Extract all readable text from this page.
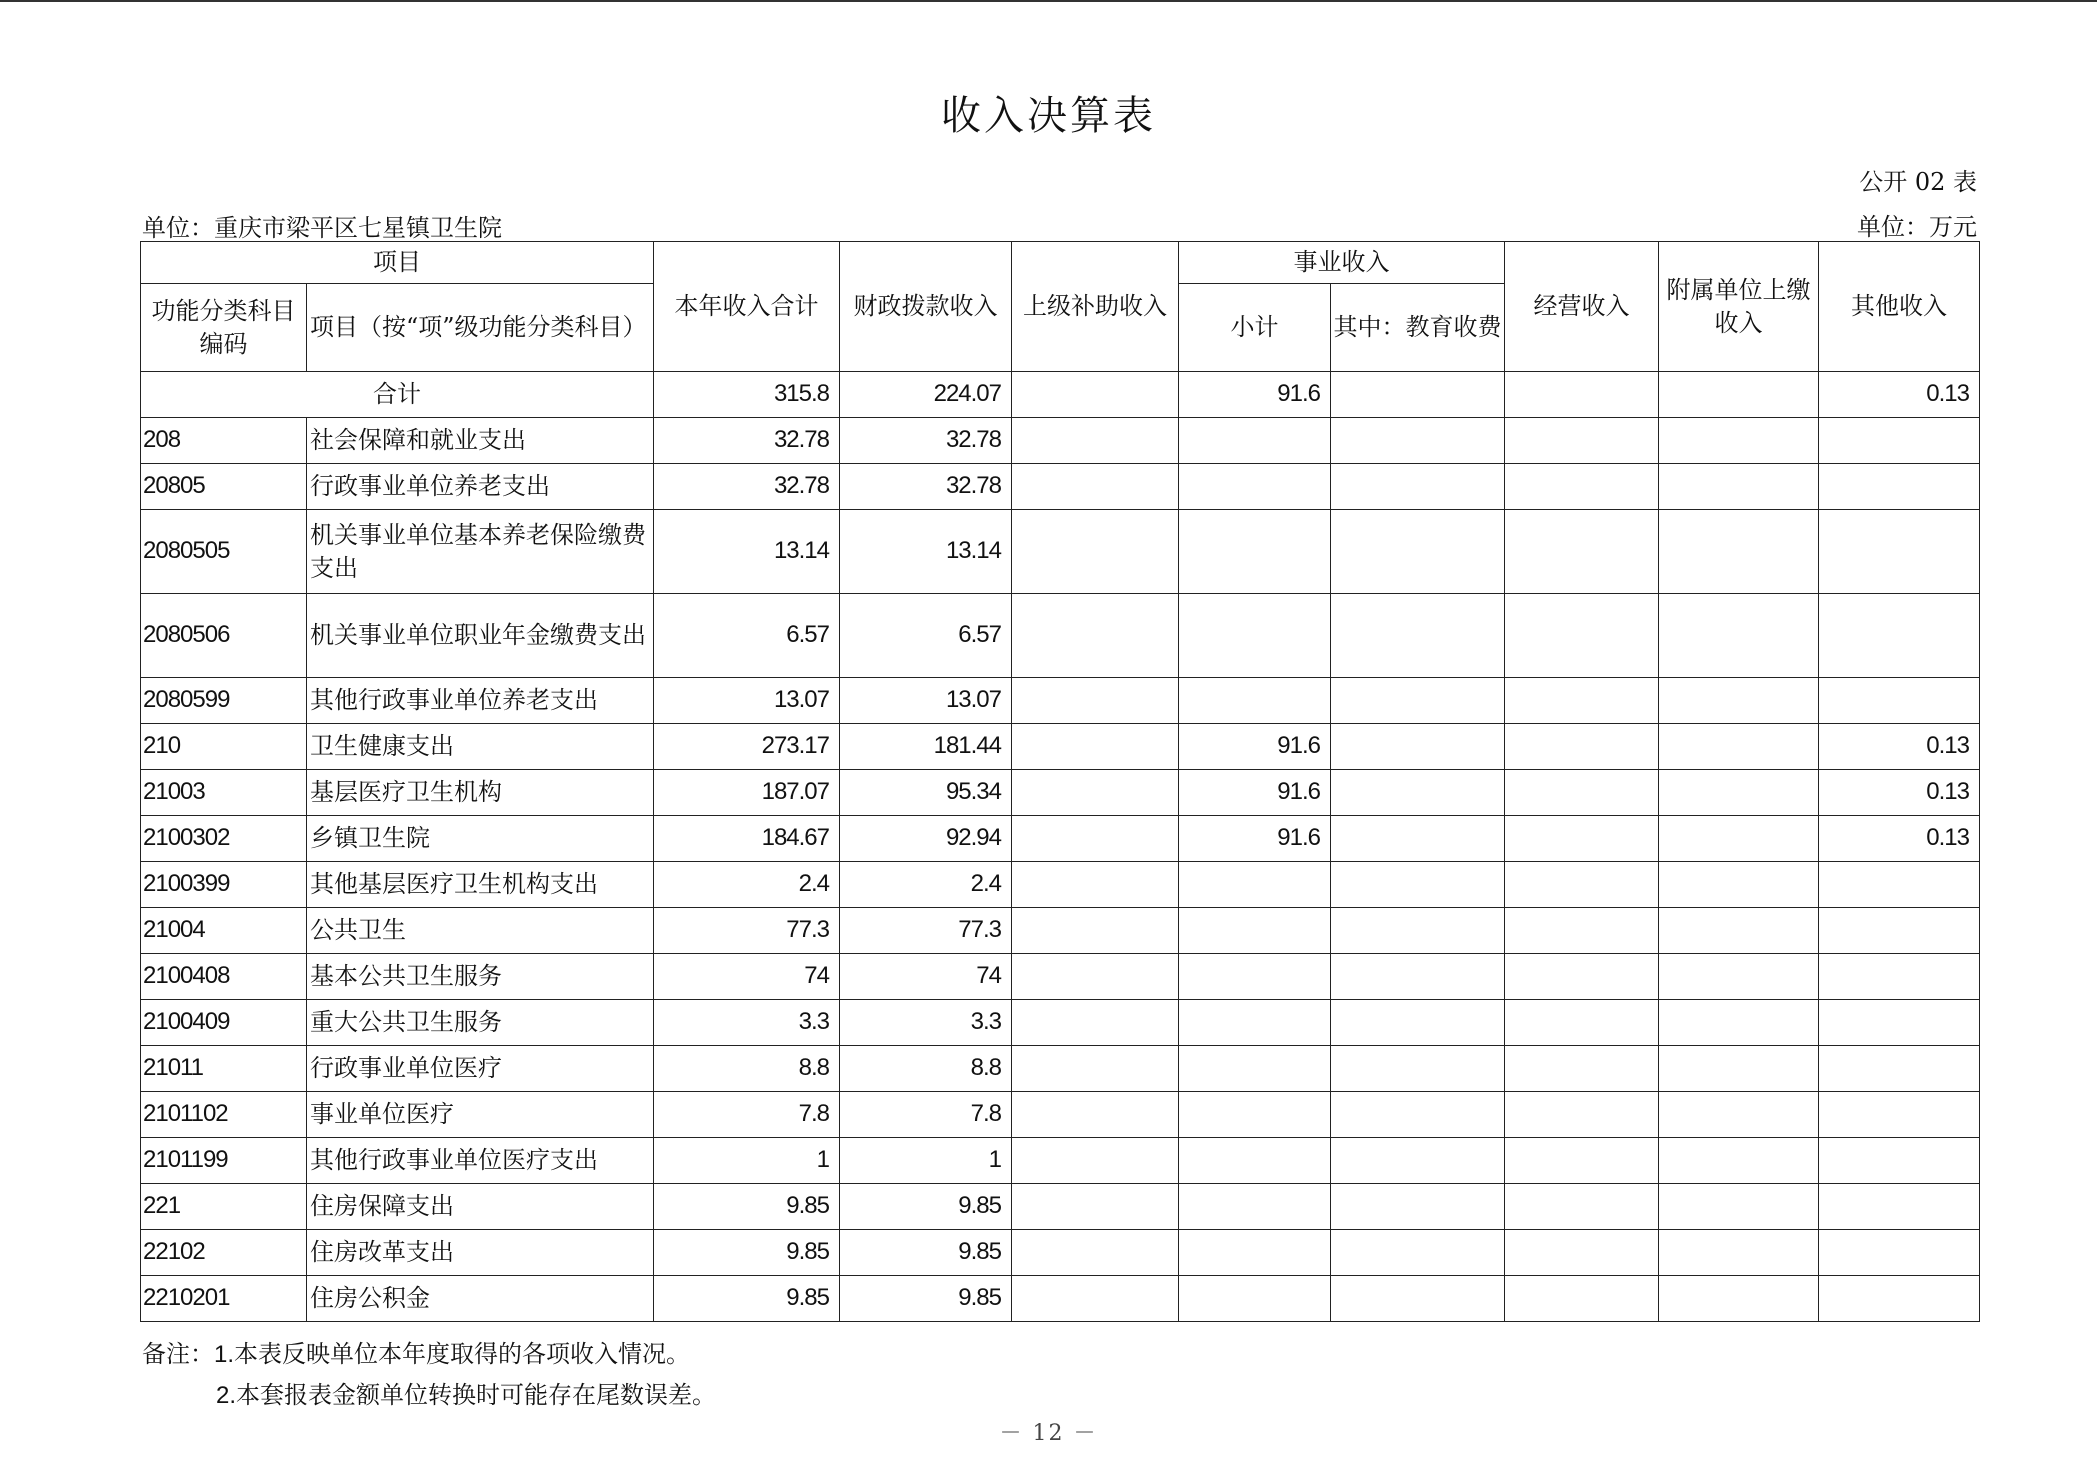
收入决算表
公开 02 表
单位：重庆市梁平区七星镇卫生院	单位：万元
项目		本年收入合计	财政拨款收入	上级补助收入	事业收入		经营收入	附属单位上缴收入	其他收入
功能分类科目编码	项目（按“项”级功能分类科目）				小计	其中：教育收费			
合计		315.8	224.07		91.6				0.13
208	社会保障和就业支出	32.78	32.78						
20805	行政事业单位养老支出	32.78	32.78						
2080505	机关事业单位基本养老保险缴费支出	13.14	13.14						
2080506	机关事业单位职业年金缴费支出	6.57	6.57						
2080599	其他行政事业单位养老支出	13.07	13.07						
210	卫生健康支出	273.17	181.44		91.6				0.13
21003	基层医疗卫生机构	187.07	95.34		91.6				0.13
2100302	乡镇卫生院	184.67	92.94		91.6				0.13
2100399	其他基层医疗卫生机构支出	2.4	2.4						
21004	公共卫生	77.3	77.3						
2100408	基本公共卫生服务	74	74						
2100409	重大公共卫生服务	3.3	3.3						
21011	行政事业单位医疗	8.8	8.8						
2101102	事业单位医疗	7.8	7.8						
2101199	其他行政事业单位医疗支出	1	1						
221	住房保障支出	9.85	9.85						
22102	住房改革支出	9.85	9.85						
2210201	住房公积金	9.85	9.85						
备注：1.本表反映单位本年度取得的各项收入情况。
2.本套报表金额单位转换时可能存在尾数误差。
－ 12 －
